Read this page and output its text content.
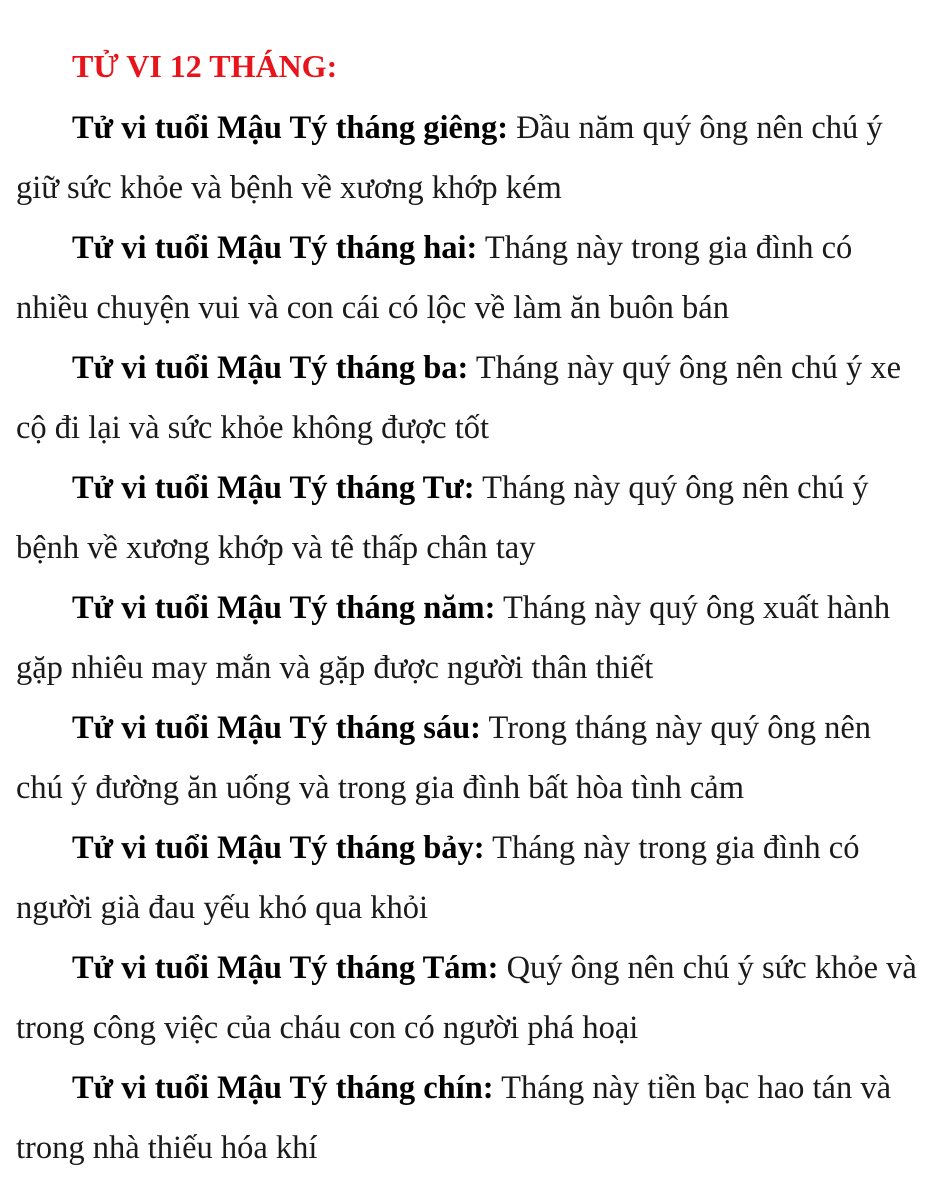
TỬ VI 12 THÁNG:

Tử vi tuổi Mậu Tý tháng giêng: Đầu năm quý ông nên chú ý giữ sức khỏe và bệnh về xương khớp kém

Tử vi tuổi Mậu Tý tháng hai: Tháng này trong gia đình có nhiều chuyện vui và con cái có lộc về làm ăn buôn bán

Tử vi tuổi Mậu Tý tháng ba: Tháng này quý ông nên chú ý xe cộ đi lại và sức khỏe không được tốt

Tử vi tuổi Mậu Tý tháng Tư: Tháng này quý ông nên chú ý bệnh về xương khớp và tê thấp chân tay

Tử vi tuổi Mậu Tý tháng năm: Tháng này quý ông xuất hành gặp nhiêu may mắn và gặp được người thân thiết

Tử vi tuổi Mậu Tý tháng sáu: Trong tháng này quý ông nên chú ý đường ăn uống và trong gia đình bất hòa tình cảm

Tử vi tuổi Mậu Tý tháng bảy: Tháng này trong gia đình có người già đau yếu khó qua khỏi

Tử vi tuổi Mậu Tý tháng Tám: Quý ông nên chú ý sức khỏe và trong công việc của cháu con có người phá hoại

Tử vi tuổi Mậu Tý tháng chín: Tháng này tiền bạc hao tán và trong nhà thiếu hóa khí
